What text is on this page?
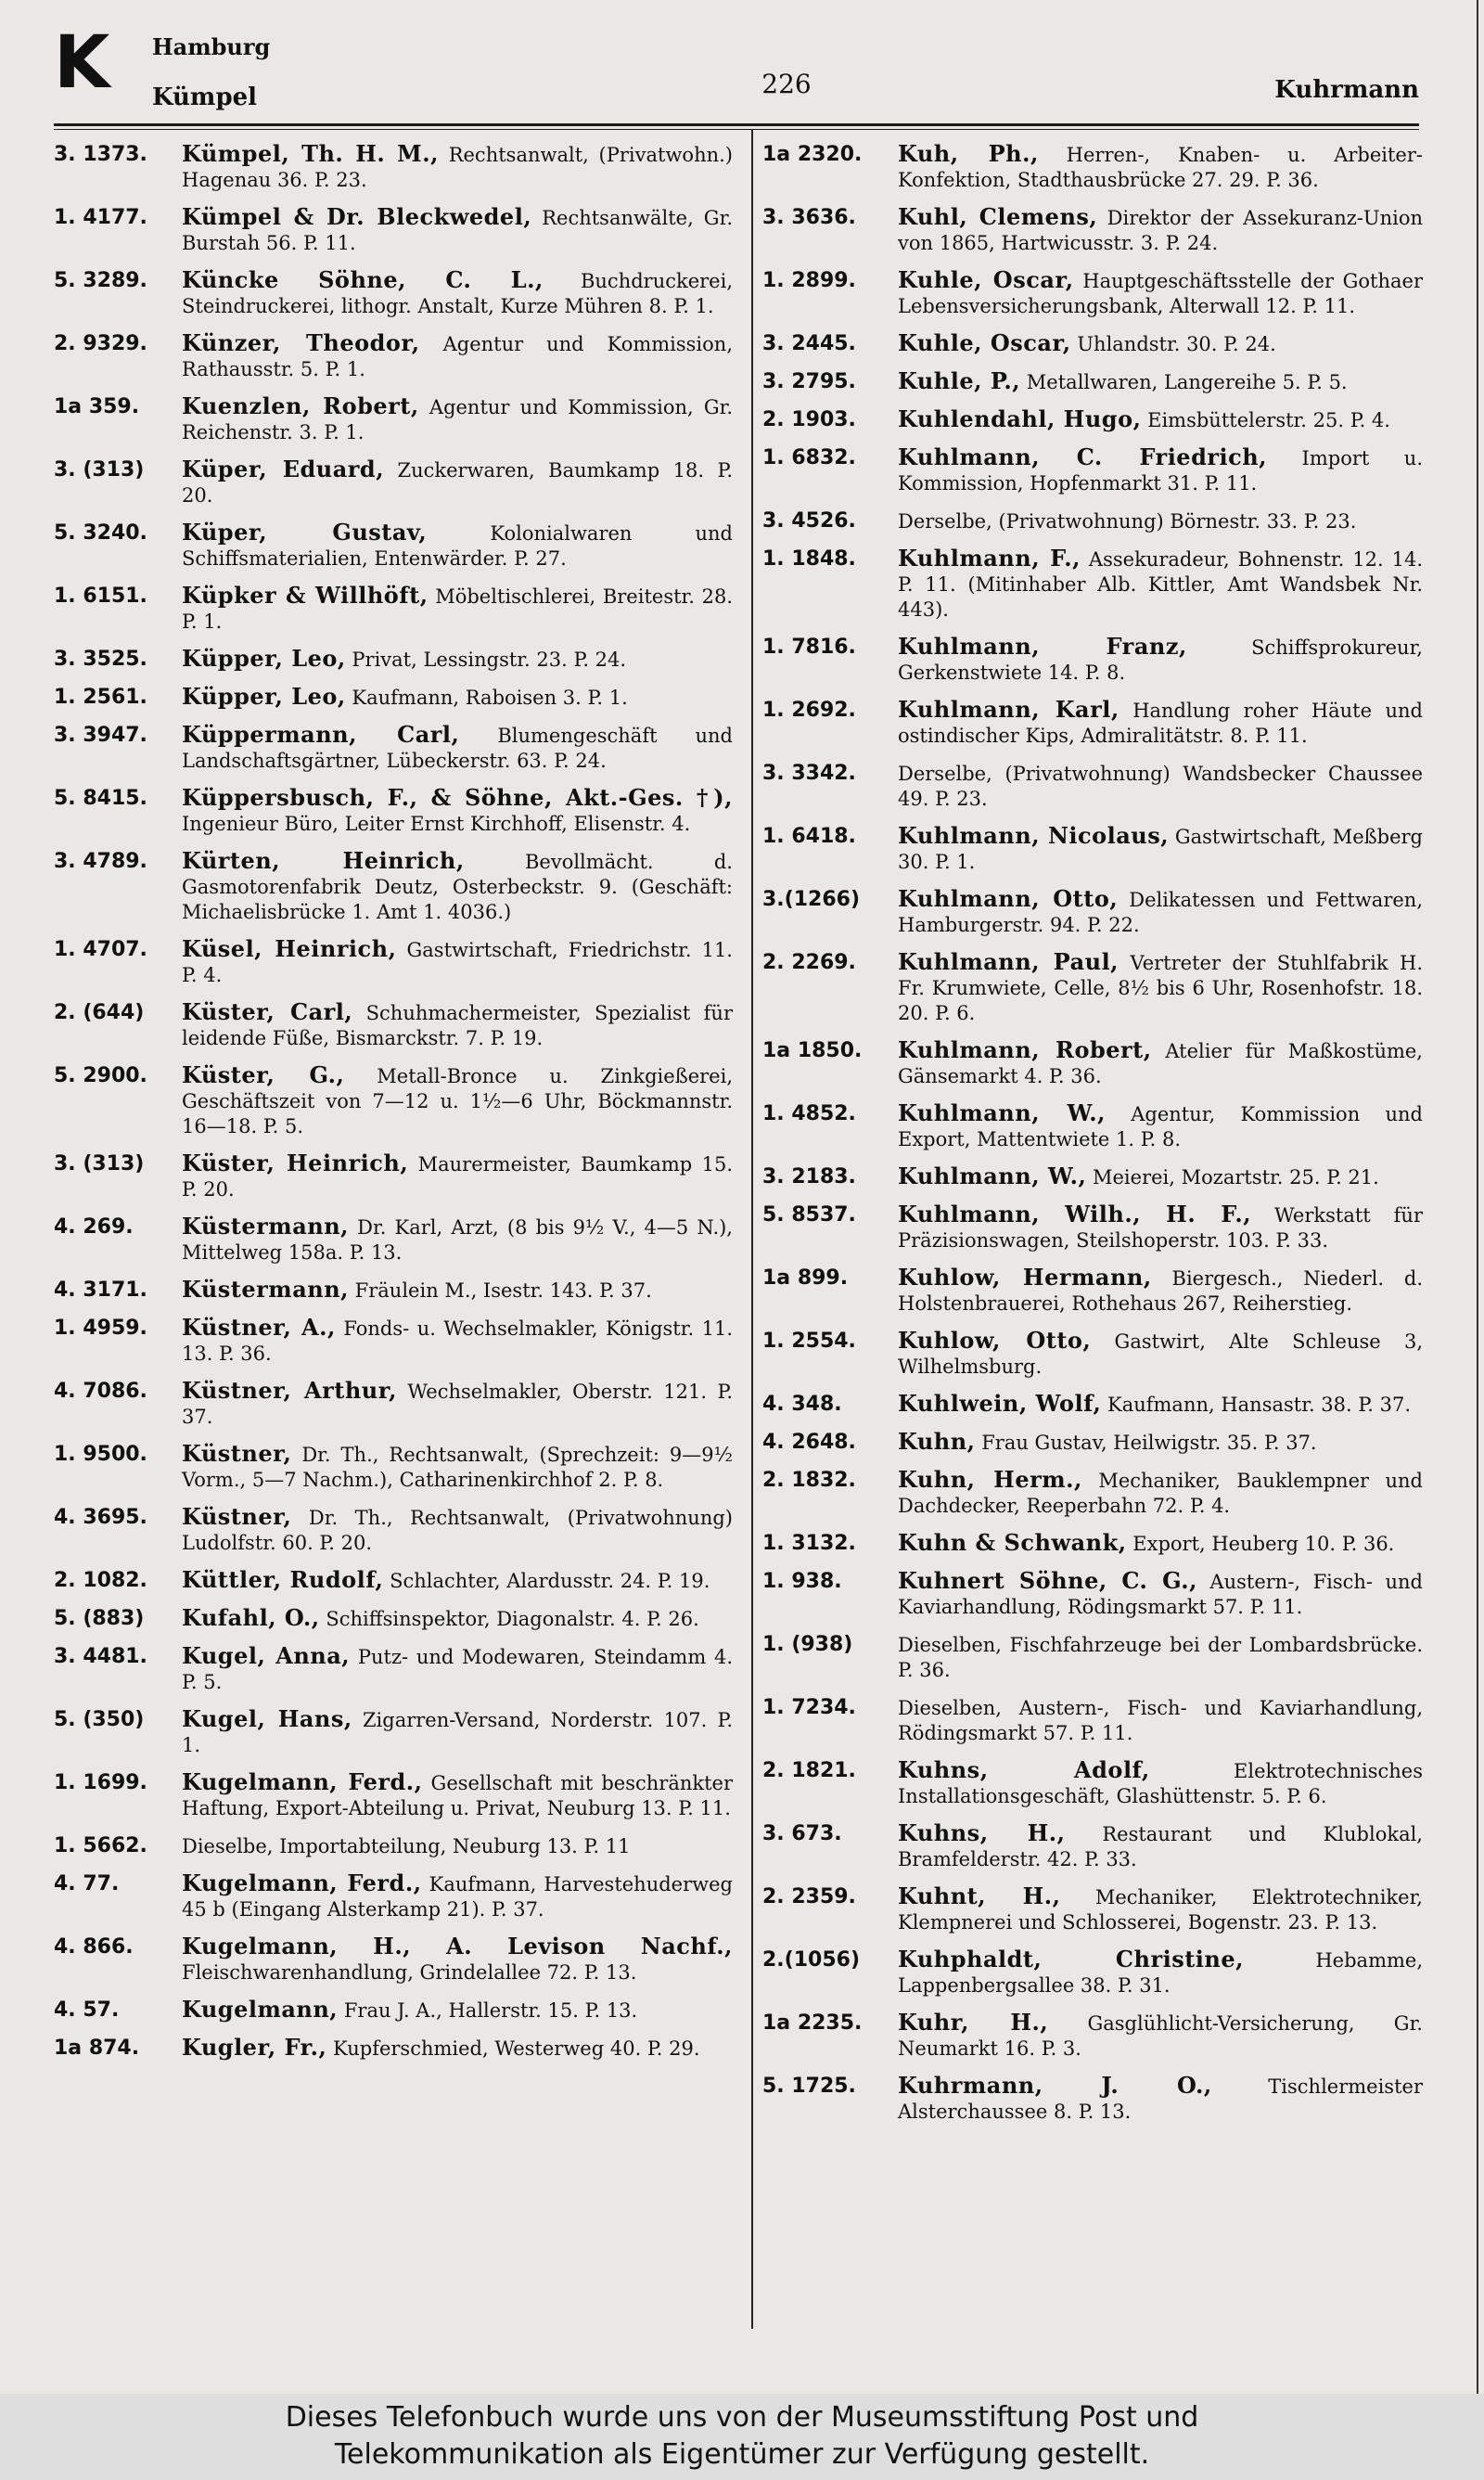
K Hamburg
Kümpel	226	Kuhrmann
3. 1373.	Kümpel, Th. H. M., Rechtsanwalt, (Privatwohn.) Hagenau 36. P. 23.
1. 4177.	Kümpel & Dr. Bleckwedel, Rechtsanwälte, Gr. Burstah 56. P. 11.
5. 3289.	Küncke Söhne, C. L., Buchdruckerei, Steindruckerei, lithogr. Anstalt, Kurze Mühren 8. P. 1.
2. 9329.	Künzer, Theodor, Agentur und Kommission, Rathausstr. 5. P. 1.
1a 359.	Kuenzlen, Robert, Agentur und Kommission, Gr. Reichenstr. 3. P. 1.
3. (313)	Küper, Eduard, Zuckerwaren, Baumkamp 18. P. 20.
5. 3240.	Küper, Gustav, Kolonialwaren und Schiffsmaterialien, Entenwärder. P. 27.
1. 6151.	Küpker & Willhöft, Möbeltischlerei, Breitestr. 28. P. 1.
3. 3525.	Küpper, Leo, Privat, Lessingstr. 23. P. 24.
1. 2561.	Küpper, Leo, Kaufmann, Raboisen 3. P. 1.
3. 3947.	Küppermann, Carl, Blumengeschäft und Landschaftsgärtner, Lübeckerstr. 63. P. 24.
5. 8415.	Küppersbusch, F., & Söhne, Akt.-Ges. †), Ingenieur Büro, Leiter Ernst Kirchhoff, Elisenstr. 4.
3. 4789.	Kürten, Heinrich, Bevollmächt. d. Gasmotorenfabrik Deutz, Osterbeckstr. 9. (Geschäft: Michaelisbrücke 1. Amt 1. 4036.)
1. 4707.	Küsel, Heinrich, Gastwirtschaft, Friedrichstr. 11. P. 4.
2. (644)	Küster, Carl, Schuhmachermeister, Spezialist für leidende Füße, Bismarckstr. 7. P. 19.
5. 2900.	Küster, G., Metall-Bronce u. Zinkgießerei, Geschäftszeit von 7—12 u. 1½—6 Uhr, Böckmannstr. 16—18. P. 5.
3. (313)	Küster, Heinrich, Maurermeister, Baumkamp 15. P. 20.
4. 269.	Küstermann, Dr. Karl, Arzt, (8 bis 9½ V., 4—5 N.), Mittelweg 158a. P. 13.
4. 3171.	Küstermann, Fräulein M., Isestr. 143. P. 37.
1. 4959.	Küstner, A., Fonds- u. Wechselmakler, Königstr. 11. 13. P. 36.
4. 7086.	Küstner, Arthur, Wechselmakler, Oberstr. 121. P. 37.
1. 9500.	Küstner, Dr. Th., Rechtsanwalt, (Sprechzeit: 9—9½ Vorm., 5—7 Nachm.), Catharinenkirchhof 2. P. 8.
4. 3695.	Küstner, Dr. Th., Rechtsanwalt, (Privatwohnung) Ludolfstr. 60. P. 20.
2. 1082.	Küttler, Rudolf, Schlachter, Alardusstr. 24. P. 19.
5. (883)	Kufahl, O., Schiffsinspektor, Diagonalstr. 4. P. 26.
3. 4481.	Kugel, Anna, Putz- und Modewaren, Steindamm 4. P. 5.
5. (350)	Kugel, Hans, Zigarren-Versand, Norderstr. 107. P. 1.
1. 1699.	Kugelmann, Ferd., Gesellschaft mit beschränkter Haftung, Export-Abteilung u. Privat, Neuburg 13. P. 11.
1. 5662.	Dieselbe, Importabteilung, Neuburg 13. P. 11
4. 77.	Kugelmann, Ferd., Kaufmann, Harvestehuderweg 45 b (Eingang Alsterkamp 21). P. 37.
4. 866.	Kugelmann, H., A. Levison Nachf., Fleischwarenhandlung, Grindelallee 72. P. 13.
4. 57.	Kugelmann, Frau J. A., Hallerstr. 15. P. 13.
1a 874.	Kugler, Fr., Kupferschmied, Westerweg 40. P. 29.
1a 2320.	Kuh, Ph., Herren-, Knaben- u. Arbeiter-Konfektion, Stadthausbrücke 27. 29. P. 36.
3. 3636.	Kuhl, Clemens, Direktor der Assekuranz-Union von 1865, Hartwicusstr. 3. P. 24.
1. 2899.	Kuhle, Oscar, Hauptgeschäftsstelle der Gothaer Lebensversicherungsbank, Alterwall 12. P. 11.
3. 2445.	Kuhle, Oscar, Uhlandstr. 30. P. 24.
3. 2795.	Kuhle, P., Metallwaren, Langereihe 5. P. 5.
2. 1903.	Kuhlendahl, Hugo, Eimsbüttelerstr. 25. P. 4.
1. 6832.	Kuhlmann, C. Friedrich, Import u. Kommission, Hopfenmarkt 31. P. 11.
3. 4526.	Derselbe, (Privatwohnung) Börnestr. 33. P. 23.
1. 1848.	Kuhlmann, F., Assekuradeur, Bohnenstr. 12. 14. P. 11. (Mitinhaber Alb. Kittler, Amt Wandsbek Nr. 443).
1. 7816.	Kuhlmann, Franz, Schiffsprokureur, Gerkenstwiete 14. P. 8.
1. 2692.	Kuhlmann, Karl, Handlung roher Häute und ostindischer Kips, Admiralitätstr. 8. P. 11.
3. 3342.	Derselbe, (Privatwohnung) Wandsbecker Chaussee 49. P. 23.
1. 6418.	Kuhlmann, Nicolaus, Gastwirtschaft, Meßberg 30. P. 1.
3.(1266)	Kuhlmann, Otto, Delikatessen und Fettwaren, Hamburgerstr. 94. P. 22.
2. 2269.	Kuhlmann, Paul, Vertreter der Stuhlfabrik H. Fr. Krumwiete, Celle, 8½ bis 6 Uhr, Rosenhofstr. 18. 20. P. 6.
1a 1850.	Kuhlmann, Robert, Atelier für Maßkostüme, Gänsemarkt 4. P. 36.
1. 4852.	Kuhlmann, W., Agentur, Kommission und Export, Mattentwiete 1. P. 8.
3. 2183.	Kuhlmann, W., Meierei, Mozartstr. 25. P. 21.
5. 8537.	Kuhlmann, Wilh., H. F., Werkstatt für Präzisionswagen, Steilshoperstr. 103. P. 33.
1a 899.	Kuhlow, Hermann, Biergesch., Niederl. d. Holstenbrauerei, Rothehaus 267, Reiherstieg.
1. 2554.	Kuhlow, Otto, Gastwirt, Alte Schleuse 3, Wilhelmsburg.
4. 348.	Kuhlwein, Wolf, Kaufmann, Hansastr. 38. P. 37.
4. 2648.	Kuhn, Frau Gustav, Heilwigstr. 35. P. 37.
2. 1832.	Kuhn, Herm., Mechaniker, Bauklempner und Dachdecker, Reeperbahn 72. P. 4.
1. 3132.	Kuhn & Schwank, Export, Heuberg 10. P. 36.
1. 938.	Kuhnert Söhne, C. G., Austern-, Fisch- und Kaviarhandlung, Rödingsmarkt 57. P. 11.
1. (938)	Dieselben, Fischfahrzeuge bei der Lombardsbrücke. P. 36.
1. 7234.	Dieselben, Austern-, Fisch- und Kaviarhandlung, Rödingsmarkt 57. P. 11.
2. 1821.	Kuhns, Adolf, Elektrotechnisches Installationsgeschäft, Glashüttenstr. 5. P. 6.
3. 673.	Kuhns, H., Restaurant und Klublokal, Bramfelderstr. 42. P. 33.
2. 2359.	Kuhnt, H., Mechaniker, Elektrotechniker, Klempnerei und Schlosserei, Bogenstr. 23. P. 13.
2.(1056)	Kuhphaldt, Christine, Hebamme, Lappenbergsallee 38. P. 31.
1a 2235.	Kuhr, H., Gasglühlicht-Versicherung, Gr. Neumarkt 16. P. 3.
5. 1725.	Kuhrmann, J. O., Tischlermeister Alsterchaussee 8. P. 13.
Dieses Telefonbuch wurde uns von der Museumsstiftung Post und
Telekommunikation als Eigentümer zur Verfügung gestellt.
